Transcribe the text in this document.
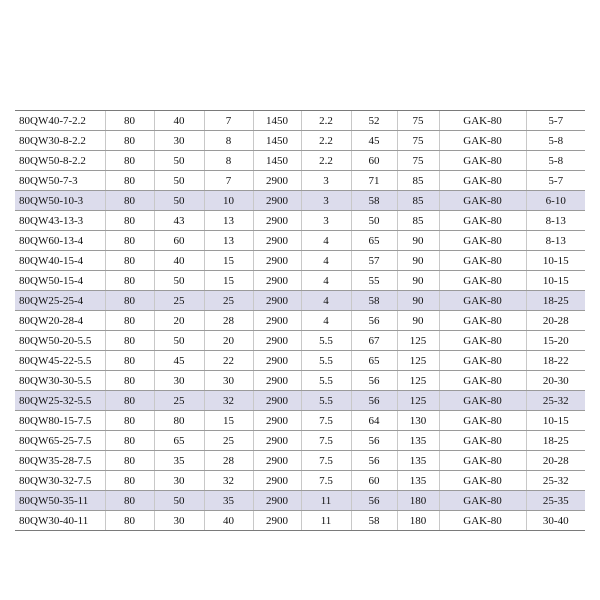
80QW40-7-2.2	80	40	7	1450	2.2	52	75	GAK-80	5-7
80QW30-8-2.2	80	30	8	1450	2.2	45	75	GAK-80	5-8
80QW50-8-2.2	80	50	8	1450	2.2	60	75	GAK-80	5-8
80QW50-7-3	80	50	7	2900	3	71	85	GAK-80	5-7
80QW50-10-3	80	50	10	2900	3	58	85	GAK-80	6-10
80QW43-13-3	80	43	13	2900	3	50	85	GAK-80	8-13
80QW60-13-4	80	60	13	2900	4	65	90	GAK-80	8-13
80QW40-15-4	80	40	15	2900	4	57	90	GAK-80	10-15
80QW50-15-4	80	50	15	2900	4	55	90	GAK-80	10-15
80QW25-25-4	80	25	25	2900	4	58	90	GAK-80	18-25
80QW20-28-4	80	20	28	2900	4	56	90	GAK-80	20-28
80QW50-20-5.5	80	50	20	2900	5.5	67	125	GAK-80	15-20
80QW45-22-5.5	80	45	22	2900	5.5	65	125	GAK-80	18-22
80QW30-30-5.5	80	30	30	2900	5.5	56	125	GAK-80	20-30
80QW25-32-5.5	80	25	32	2900	5.5	56	125	GAK-80	25-32
80QW80-15-7.5	80	80	15	2900	7.5	64	130	GAK-80	10-15
80QW65-25-7.5	80	65	25	2900	7.5	56	135	GAK-80	18-25
80QW35-28-7.5	80	35	28	2900	7.5	56	135	GAK-80	20-28
80QW30-32-7.5	80	30	32	2900	7.5	60	135	GAK-80	25-32
80QW50-35-11	80	50	35	2900	11	56	180	GAK-80	25-35
80QW30-40-11	80	30	40	2900	11	58	180	GAK-80	30-40
